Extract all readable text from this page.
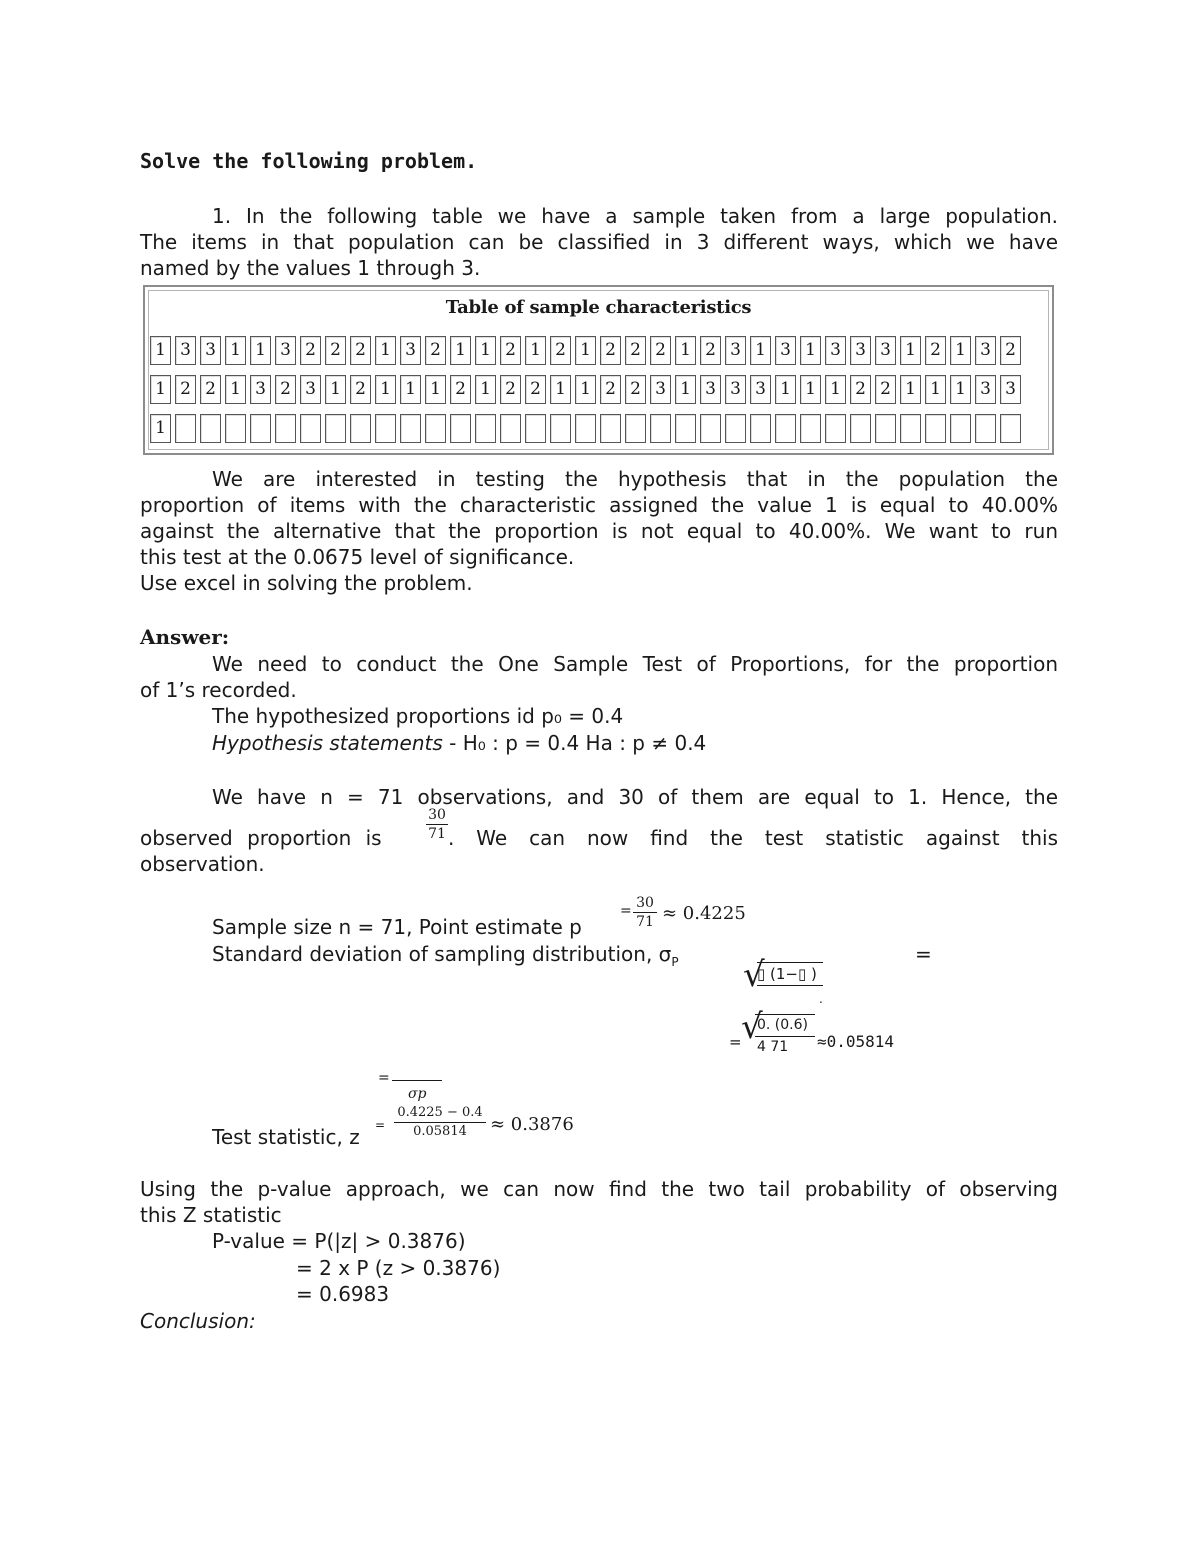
Solve the following problem.
1. In the following table we have a sample taken from a large population.
The items in that population can be classified in 3 different ways, which we have
named by the values 1 through 3.
Table of sample characteristics
1 3 3 1 1 3 2 2 2 1 3 2 1 1 2 1 2 1 2 2 2 1 2 3 1 3 1 3 3 3 1 2 1 3 2
1 2 2 1 3 2 3 1 2 1 1 1 2 1 2 2 1 1 2 2 3 1 3 3 3 1 1 1 2 2 1 1 1 3 3
1
We are interested in testing the hypothesis that in the population the
proportion of items with the characteristic assigned the value 1 is equal to 40.00%
against the alternative that the proportion is not equal to 40.00%. We want to run
this test at the 0.0675 level of significance.
Use excel in solving the problem.
Answer:
We need to conduct the One Sample Test of Proportions, for the proportion
of 1’s recorded.
The hypothesized proportions id p₀ = 0.4
Hypothesis statements - H₀ : p = 0.4 Ha : p ≠ 0.4
We have n = 71 observations, and 30 of them are equal to 1. Hence, the
observed proportion is	$\frac{30}{71}$ . We can now find the test statistic against this
observation.
Sample size n = 71, Point estimate p
= $\frac{30}{71} \approx 0.4225$
Standard deviation of sampling distribution, $\sigma_P$	=
√
▯ (1−▯ )
.
= √
0. (0.6)
4 71 ≈0.05814
=
σp
Test statistic, $z = \frac{0.4225 - 0.4}{0.05814} \approx 0.3876$
Using the p-value approach, we can now find the two tail probability of observing
this Z statistic
P-value = P(|z| > 0.3876)
= 2 x P (z > 0.3876)
= 0.6983
Conclusion:
